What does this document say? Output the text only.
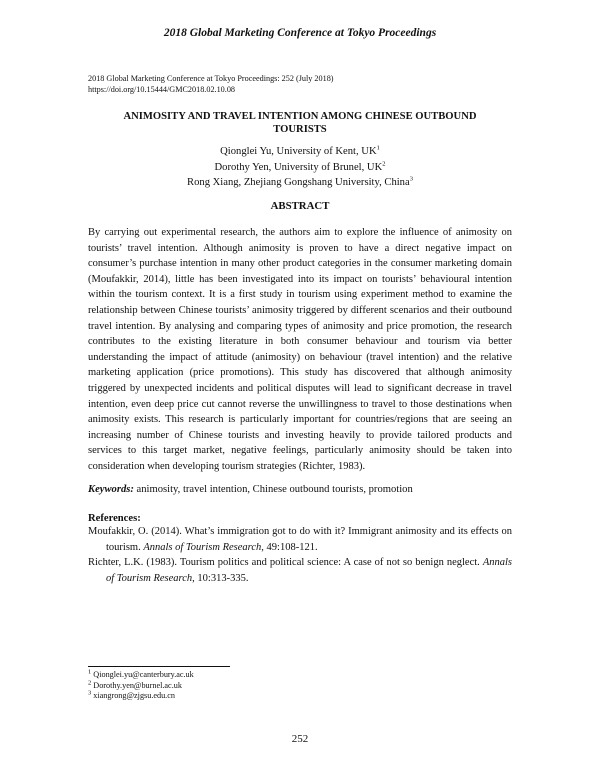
2018 Global Marketing Conference at Tokyo Proceedings
2018 Global Marketing Conference at Tokyo Proceedings: 252 (July 2018)
https://doi.org/10.15444/GMC2018.02.10.08
ANIMOSITY AND TRAVEL INTENTION AMONG CHINESE OUTBOUND
TOURISTS
Qionglei Yu, University of Kent, $UK^1$
Dorothy Yen, University of Brunel, $UK^2$
Rong Xiang, Zhejiang Gongshang University, China$^3$
ABSTRACT

By carrying out experimental research, the authors aim to explore the influence of animosity on tourists’ travel intention. Although animosity is proven to have a direct negative impact on consumer’s purchase intention in many other product categories in the consumer marketing domain (Moufakkir, 2014), little has been investigated into its impact on tourists’ behavioural intention within the tourism context. It is a first study in tourism using experiment method to examine the relationship between Chinese tourists’ animosity triggered by different scenarios and their outbound travel intention. By analysing and comparing types of animosity and price promotion, the research contributes to the existing literature in both consumer behaviour and tourism via better understanding the impact of attitude (animosity) on behaviour (travel intention) and the relative marketing application (price promotions). This study has discovered that although animosity triggered by unexpected incidents and political disputes will lead to significant decrease in travel intention, even deep price cut cannot reverse the unwillingness to travel to those destinations when animosity exists. This research is particularly important for countries/regions that are seeing an increasing number of Chinese tourists and investing heavily to provide tailored products and services to this target market, negative feelings, particularly animosity should be taken into consideration when developing tourism strategies (Richter, 1983).

Keywords: animosity, travel intention, Chinese outbound tourists, promotion
References:
Moufakkir, O. (2014). What’s immigration got to do with it? Immigrant animosity and its effects on tourism. Annals of Tourism Research, 49:108-121.
Richter, L.K. (1983). Tourism politics and political science: A case of not so benign neglect. Annals of Tourism Research, 10:313-335.
$^1$ Qionglei.yu@canterbury.ac.uk
$^2$ Dorothy.yen@burnel.ac.uk
$^3$ xiangrong@zjgsu.edu.cn
252
